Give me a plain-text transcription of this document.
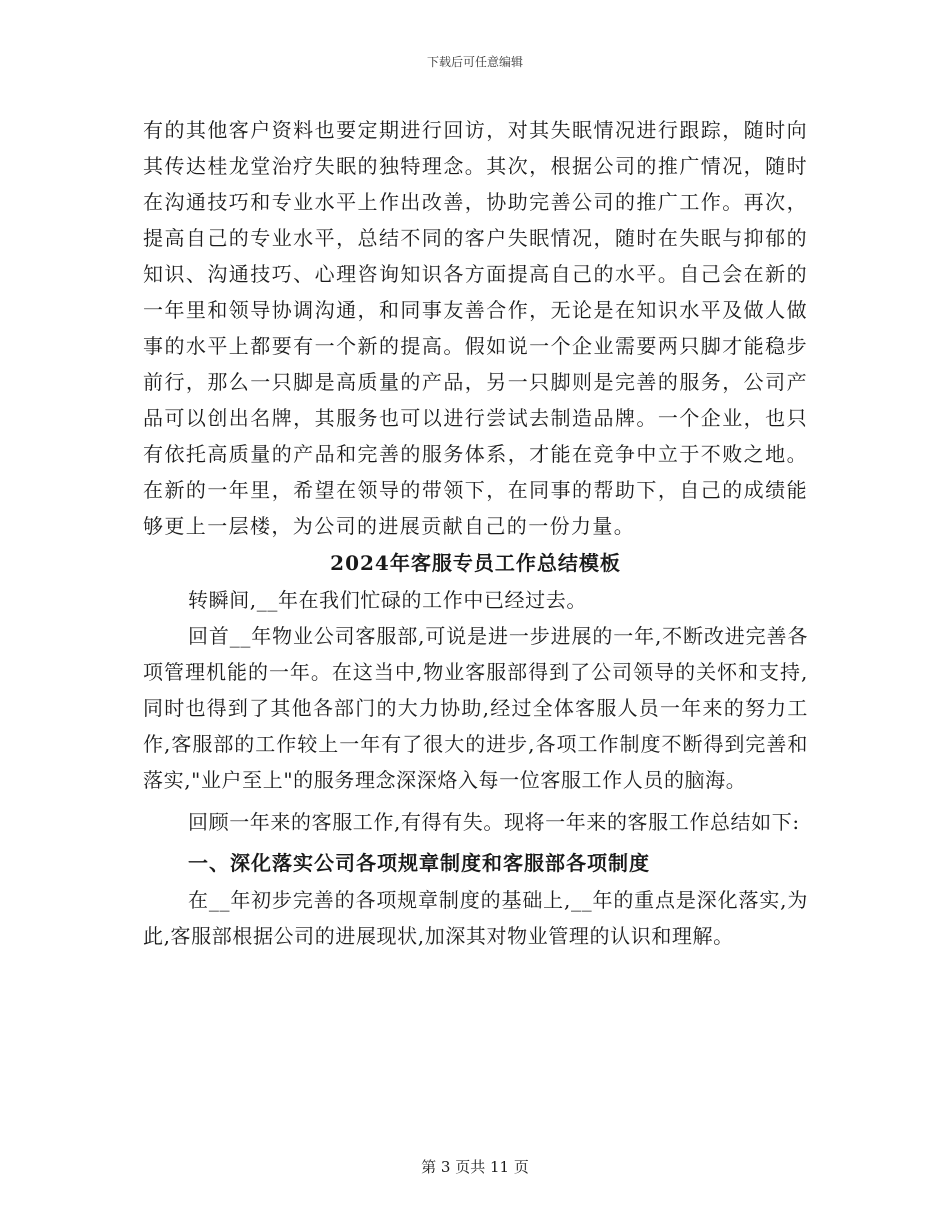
下载后可任意编辑

有的其他客户资料也要定期进行回访，对其失眠情况进行跟踪，随时向其传达桂龙堂治疗失眠的独特理念。其次，根据公司的推广情况，随时在沟通技巧和专业水平上作出改善，协助完善公司的推广工作。再次，提高自己的专业水平，总结不同的客户失眠情况，随时在失眠与抑郁的知识、沟通技巧、心理咨询知识各方面提高自己的水平。自己会在新的一年里和领导协调沟通，和同事友善合作，无论是在知识水平及做人做事的水平上都要有一个新的提高。假如说一个企业需要两只脚才能稳步前行，那么一只脚是高质量的产品，另一只脚则是完善的服务，公司产品可以创出名牌，其服务也可以进行尝试去制造品牌。一个企业，也只有依托高质量的产品和完善的服务体系，才能在竞争中立于不败之地。在新的一年里，希望在领导的带领下，在同事的帮助下，自己的成绩能够更上一层楼，为公司的进展贡献自己的一份力量。

2024年客服专员工作总结模板

转瞬间,__年在我们忙碌的工作中已经过去。

回首__年物业公司客服部,可说是进一步进展的一年,不断改进完善各项管理机能的一年。在这当中,物业客服部得到了公司领导的关怀和支持,同时也得到了其他各部门的大力协助,经过全体客服人员一年来的努力工作,客服部的工作较上一年有了很大的进步,各项工作制度不断得到完善和落实,"业户至上"的服务理念深深烙入每一位客服工作人员的脑海。

回顾一年来的客服工作,有得有失。现将一年来的客服工作总结如下:

一、深化落实公司各项规章制度和客服部各项制度

在__年初步完善的各项规章制度的基础上,__年的重点是深化落实,为此,客服部根据公司的进展现状,加深其对物业管理的认识和理解。

第 3 页共 11 页
